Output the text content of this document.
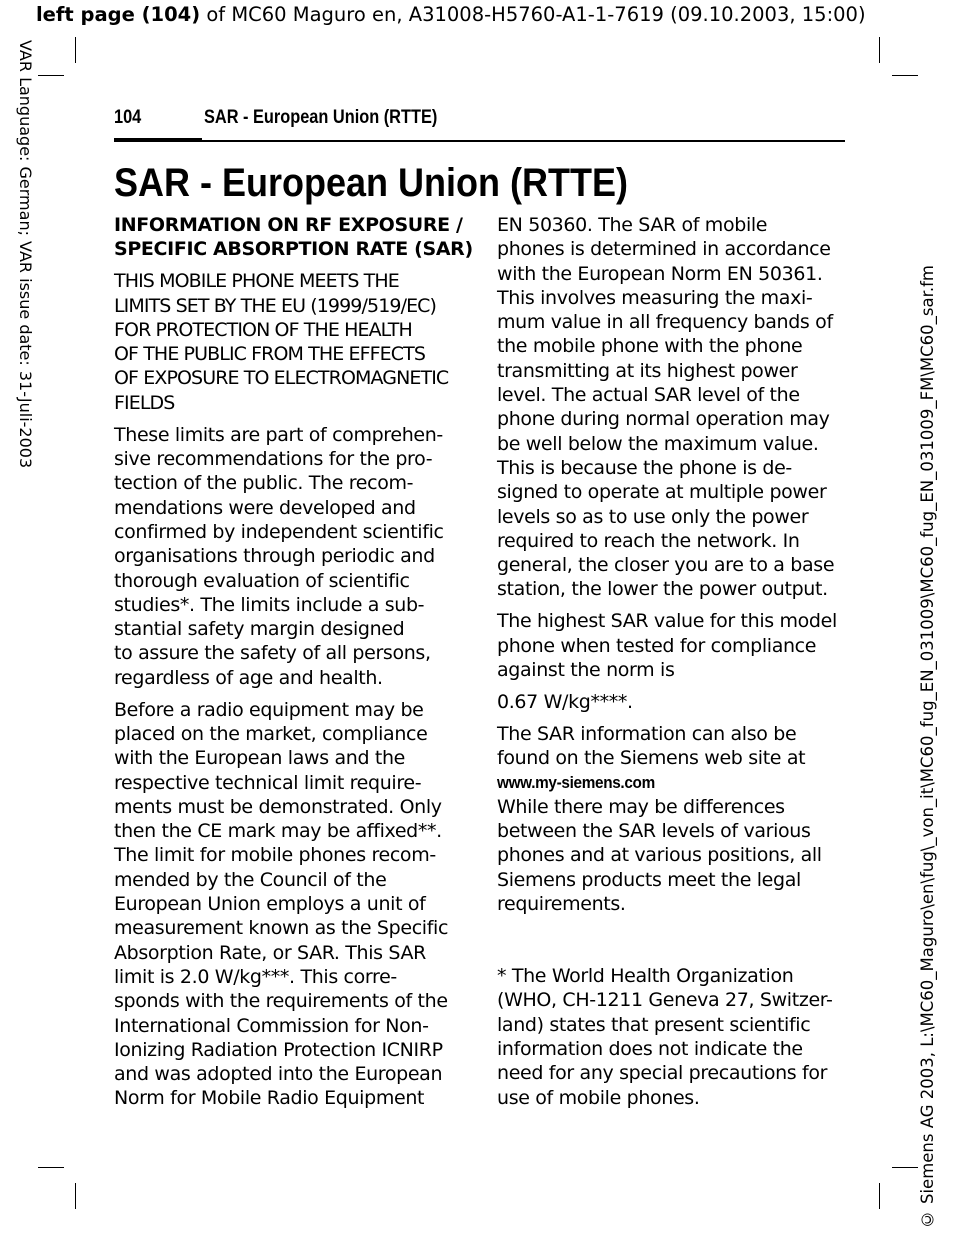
left page (104) of MC60 Maguro en, A31008-H5760-A1-1-7619 (09.10.2003, 15:00)
VAR Language: German; VAR issue date: 31-Juli-2003
© Siemens AG 2003, L:\MC60_Maguro\en\fug\_von_it\MC60_fug_EN_031009\MC60_fug_EN_031009_FM\MC60_sar.fm
104	SAR - European Union (RTTE)
SAR - European Union (RTTE)

INFORMATION ON RF EXPOSURE /
SPECIFIC ABSORPTION RATE (SAR)

THIS MOBILE PHONE MEETS THE
LIMITS SET BY THE EU (1999/519/EC)
FOR PROTECTION OF THE HEALTH
OF THE PUBLIC FROM THE EFFECTS
OF EXPOSURE TO ELECTROMAGNETIC
FIELDS

These limits are part of comprehen-
sive recommendations for the pro-
tection of the public. The recom-
mendations were developed and
confirmed by independent scientific
organisations through periodic and
thorough evaluation of scientific
studies*. The limits include a sub-
stantial safety margin designed
to assure the safety of all persons,
regardless of age and health.

Before a radio equipment may be
placed on the market, compliance
with the European laws and the
respective technical limit require-
ments must be demonstrated. Only
then the CE mark may be affixed**.
The limit for mobile phones recom-
mended by the Council of the
European Union employs a unit of
measurement known as the Specific
Absorption Rate, or SAR. This SAR
limit is 2.0 W/kg***. This corre-
sponds with the requirements of the
International Commission for Non-
Ionizing Radiation Protection ICNIRP
and was adopted into the European
Norm for Mobile Radio Equipment

EN 50360. The SAR of mobile
phones is determined in accordance
with the European Norm EN 50361.
This involves measuring the maxi-
mum value in all frequency bands of
the mobile phone with the phone
transmitting at its highest power
level. The actual SAR level of the
phone during normal operation may
be well below the maximum value.
This is because the phone is de-
signed to operate at multiple power
levels so as to use only the power
required to reach the network. In
general, the closer you are to a base
station, the lower the power output.

The highest SAR value for this model
phone when tested for compliance
against the norm is

0.67 W/kg****.

The SAR information can also be
found on the Siemens web site at
www.my-siemens.com
While there may be differences
between the SAR levels of various
phones and at various positions, all
Siemens products meet the legal
requirements.

* The World Health Organization
(WHO, CH-1211 Geneva 27, Switzer-
land) states that present scientific
information does not indicate the
need for any special precautions for
use of mobile phones.
